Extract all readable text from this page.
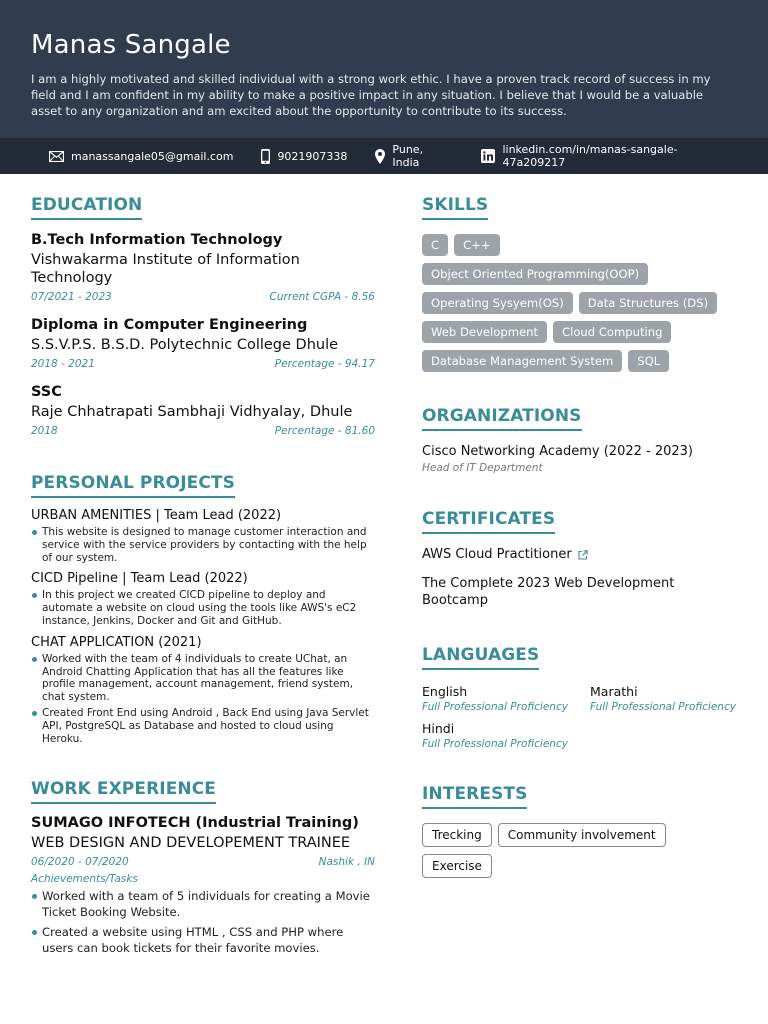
Manas Sangale
I am a highly motivated and skilled individual with a strong work ethic. I have a proven track record of success in my field and I am confident in my ability to make a positive impact in any situation. I believe that I would be a valuable asset to any organization and am excited about the opportunity to contribute to its success.
manassangale05@gmail.com	9021907338	Pune, India
linkedin.com/in/manas-sangale-47a209217
EDUCATION
B.Tech Information Technology
Vishwakarma Institute of Information Technology
07/2021 - 2023	Current CGPA - 8.56
Diploma in Computer Engineering
S.S.V.P.S. B.S.D. Polytechnic College Dhule
2018 - 2021	Percentage - 94.17
SSC
Raje Chhatrapati Sambhaji Vidhyalay, Dhule
2018	Percentage - 81.60
PERSONAL PROJECTS
URBAN AMENITIES | Team Lead (2022)
This website is designed to manage customer interaction and service with the service providers by contacting with the help of our system.
CICD Pipeline | Team Lead (2022)
In this project we created CICD pipeline to deploy and automate a website on cloud using the tools like AWS's eC2 instance, Jenkins, Docker and Git and GitHub.
CHAT APPLICATION (2021)
Worked with the team of 4 individuals to create UChat, an Android Chatting Application that has all the features like profile management, account management, friend system, chat system.
Created Front End using Android , Back End using Java Servlet API, PostgreSQL as Database and hosted to cloud using Heroku.
WORK EXPERIENCE
SUMAGO INFOTECH (Industrial Training)
WEB DESIGN AND DEVELOPEMENT TRAINEE
06/2020 - 07/2020	Nashik , IN
Achievements/Tasks
Worked with a team of 5 individuals for creating a Movie Ticket Booking Website.
Created a website using HTML , CSS and PHP where users can book tickets for their favorite movies.
SKILLS
C	C++
Object Oriented Programming(OOP)
Operating Sysyem(OS)	Data Structures (DS)
Web Development	Cloud Computing
Database Management System	SQL
ORGANIZATIONS
Cisco Networking Academy (2022 - 2023)
Head of IT Department
CERTIFICATES
AWS Cloud Practitioner
The Complete 2023 Web Development Bootcamp
LANGUAGES
English
Full Professional Proficiency
Marathi
Full Professional Proficiency
Hindi
Full Professional Proficiency
INTERESTS
Trecking	Community involvement
Exercise
